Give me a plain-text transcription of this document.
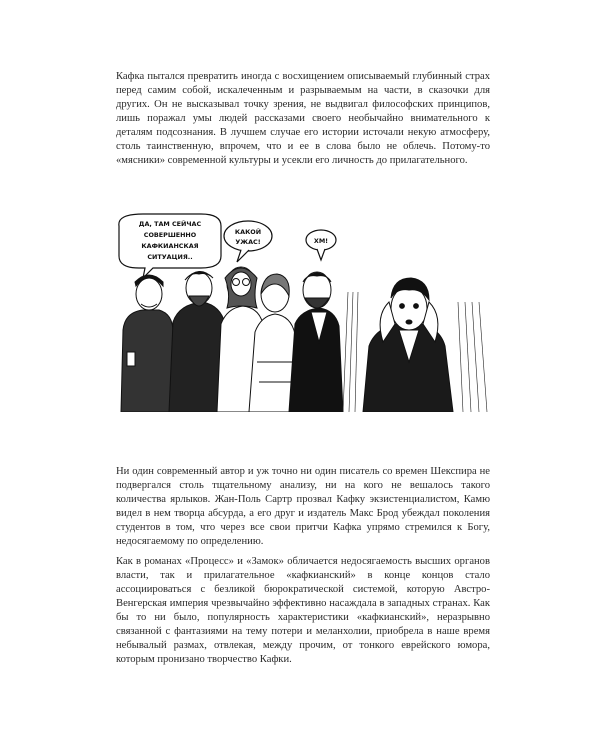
Кафка пытался превратить иногда с восхищением описываемый глубинный страх перед самим собой, искалеченным и разрываемым на части, в сказочки для других. Он не высказывал точку зрения, не выдвигал философских принципов, лишь поражал умы людей рассказами своего необычайно внимательного к деталям подсознания. В лучшем случае его истории источали некую атмосферу, столь таинственную, впрочем, что и ее в слова было не облечь. Потому-то «мясники» современной культуры и усекли его личность до прилагательного.

ДА, ТАМ СЕЙЧАС
СОВЕРШЕННО
КАФКИАНСКАЯ
СИТУАЦИЯ..
КАКОЙ
УЖАС!	ХМ!

Ни один современный автор и уж точно ни один писатель со времен Шекспира не подвергался столь тщательному анализу, ни на кого не вешалось такого количества ярлыков. Жан-Поль Сартр прозвал Кафку экзистенциалистом, Камю видел в нем творца абсурда, а его друг и издатель Макс Брод убеждал поколения студентов в том, что через все свои притчи Кафка упрямо стремился к Богу, недосягаемому по определению.

Как в романах «Процесс» и «Замок» обличается недосягаемость высших органов власти, так и прилагательное «кафкианский» в конце концов стало ассоциироваться с безликой бюрократической системой, которую Австро-Венгерская империя чрезвычайно эффективно насаждала в западных странах. Как бы то ни было, популярность характеристики «кафкианский», неразрывно связанной с фантазиями на тему потери и меланхолии, приобрела в наше время небывалый размах, отвлекая, между прочим, от тонкого еврейского юмора, которым пронизано творчество Кафки.
